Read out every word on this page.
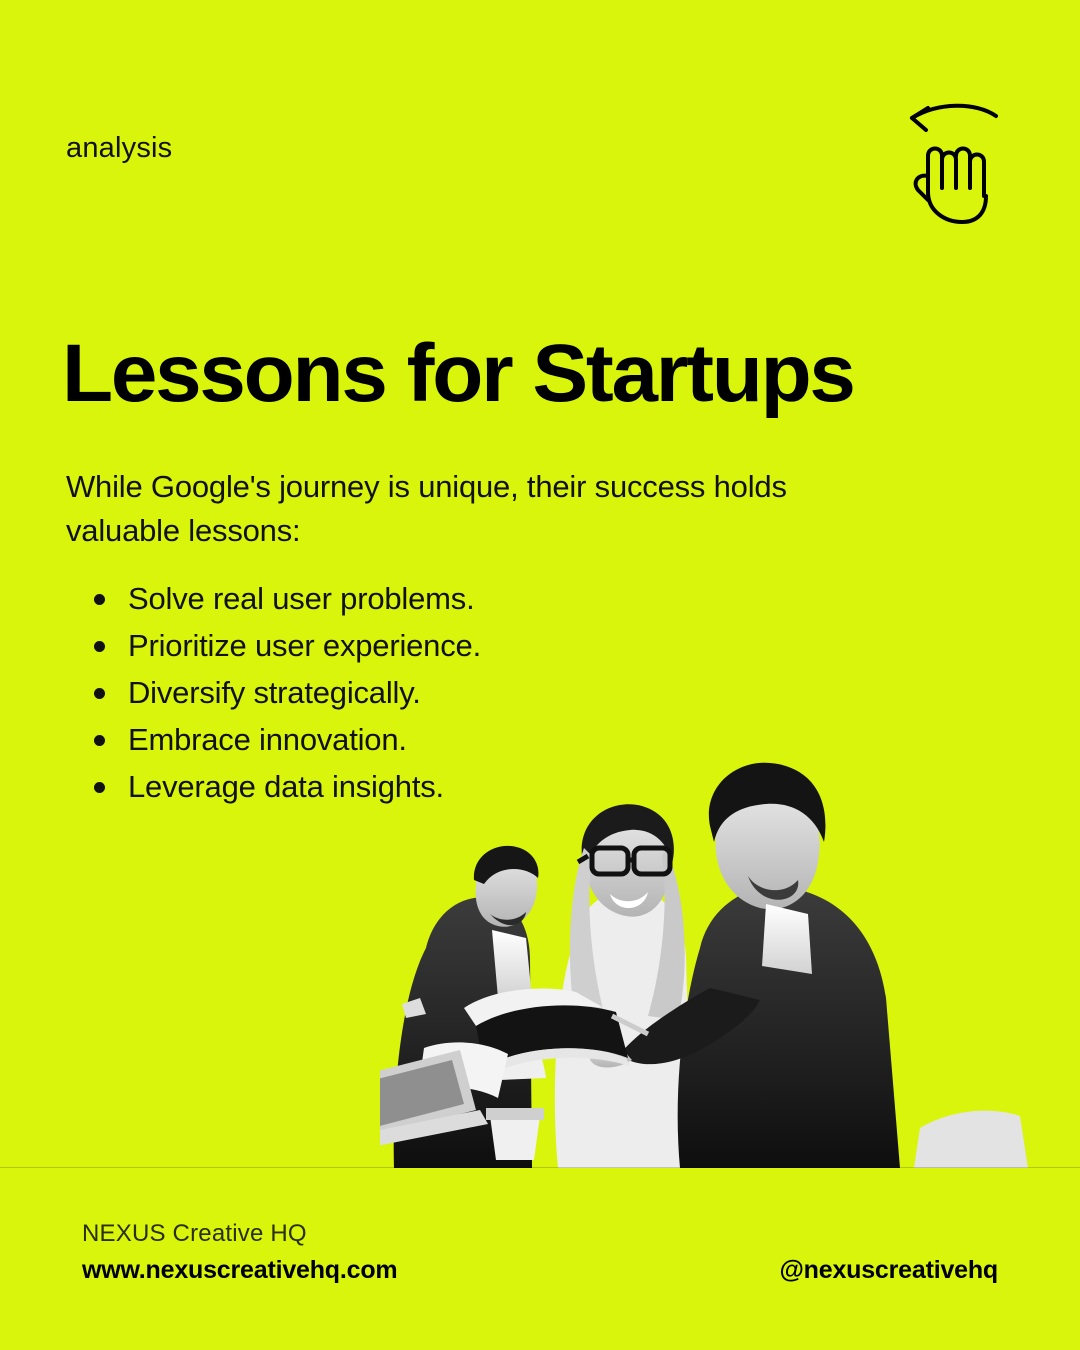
analysis
Lessons for Startups

While Google's journey is unique, their success holds valuable lessons:

Solve real user problems.
Prioritize user experience.
Diversify strategically.
Embrace innovation.
Leverage data insights.
NEXUS Creative HQ
www.nexuscreativehq.com	@nexuscreativehq
